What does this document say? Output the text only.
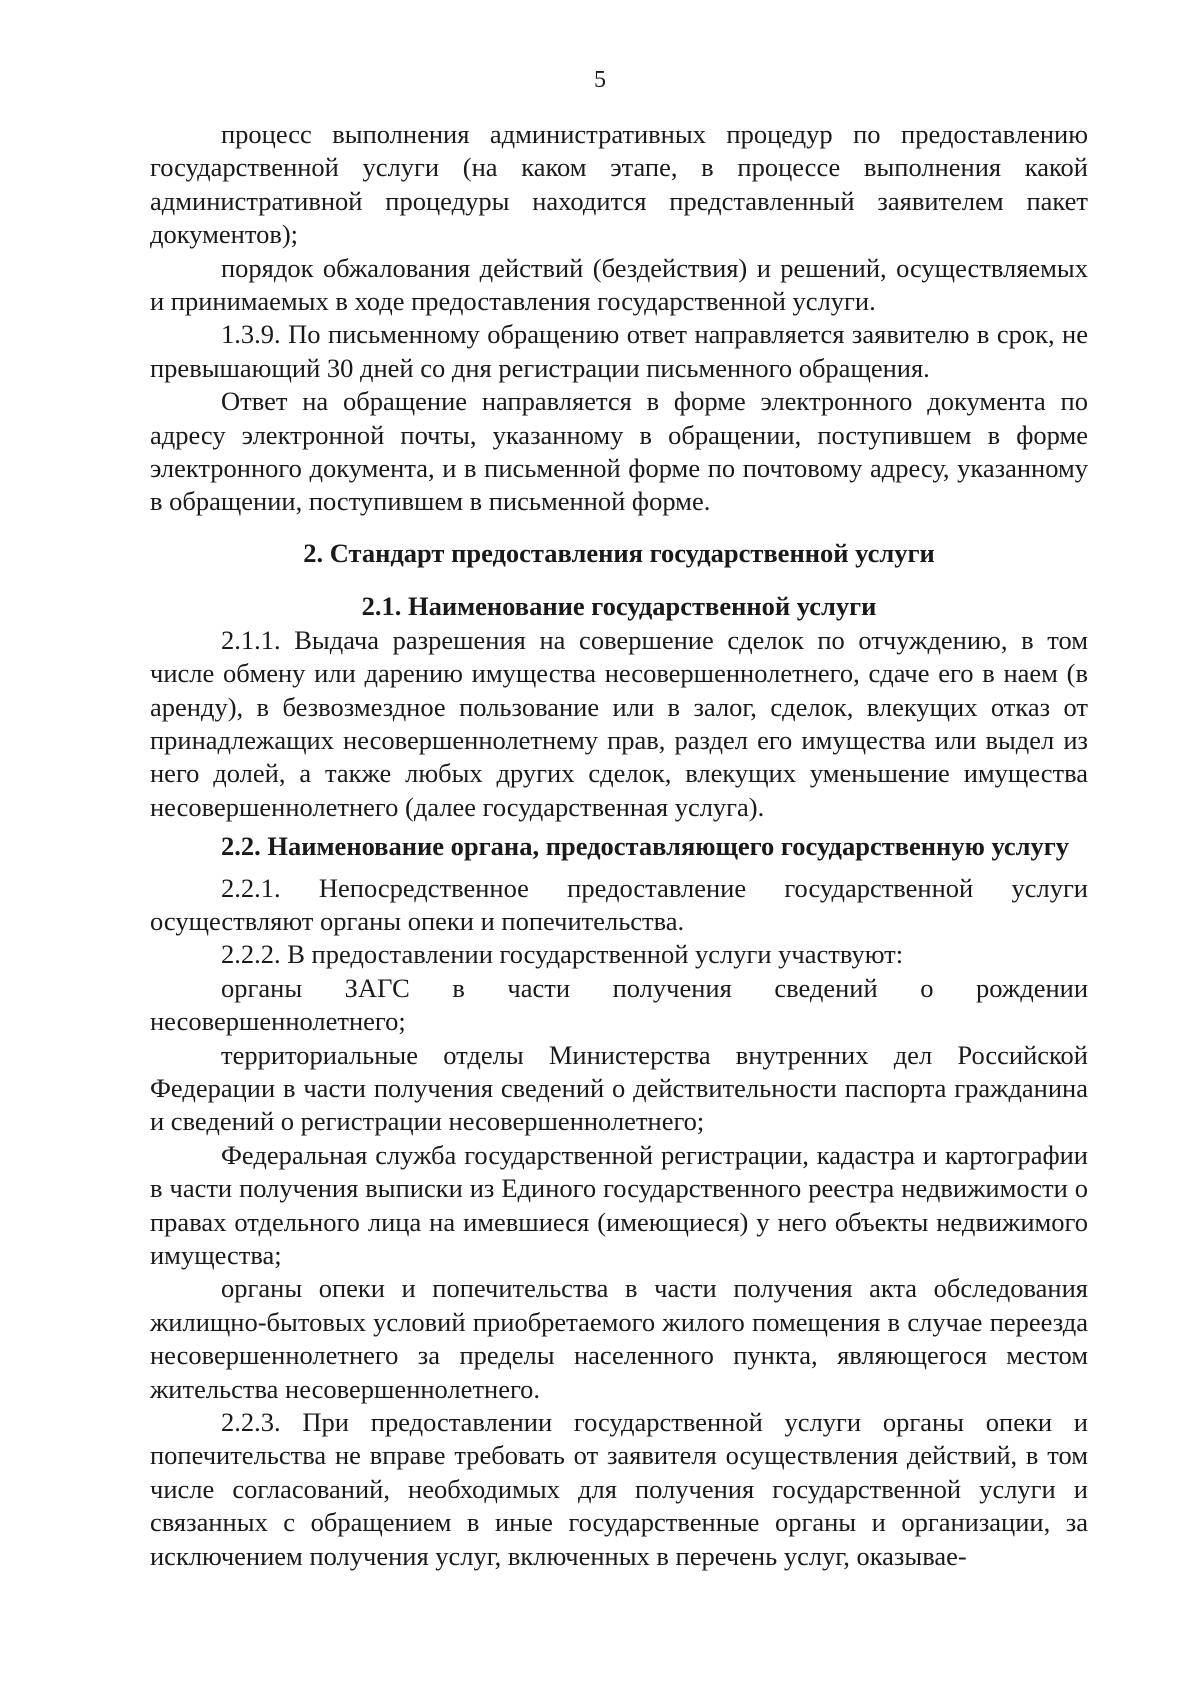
5

процесс выполнения административных процедур по предоставлению государственной услуги (на каком этапе, в процессе выполнения какой административной процедуры находится представленный заявителем пакет документов);

порядок обжалования действий (бездействия) и решений, осуществляемых и принимаемых в ходе предоставления государственной услуги.

1.3.9. По письменному обращению ответ направляется заявителю в срок, не превышающий 30 дней со дня регистрации письменного обращения.

Ответ на обращение направляется в форме электронного документа по адресу электронной почты, указанному в обращении, поступившем в форме электронного документа, и в письменной форме по почтовому адресу, указанному в обращении, поступившем в письменной форме.

2. Стандарт предоставления государственной услуги

2.1. Наименование государственной услуги

2.1.1. Выдача разрешения на совершение сделок по отчуждению, в том числе обмену или дарению имущества несовершеннолетнего, сдаче его в наем (в аренду), в безвозмездное пользование или в залог, сделок, влекущих отказ от принадлежащих несовершеннолетнему прав, раздел его имущества или выдел из него долей, а также любых других сделок, влекущих уменьшение имущества несовершеннолетнего (далее государственная услуга).

2.2. Наименование органа, предоставляющего государственную услугу

2.2.1. Непосредственное предоставление государственной услуги осуществляют органы опеки и попечительства.

2.2.2. В предоставлении государственной услуги участвуют:

органы ЗАГС в части получения сведений о рождении несовершеннолетнего;

территориальные отделы Министерства внутренних дел Российской Федерации в части получения сведений о действительности паспорта гражданина и сведений о регистрации несовершеннолетнего;

Федеральная служба государственной регистрации, кадастра и картографии в части получения выписки из Единого государственного реестра недвижимости о правах отдельного лица на имевшиеся (имеющиеся) у него объекты недвижимого имущества;

органы опеки и попечительства в части получения акта обследования жилищно-бытовых условий приобретаемого жилого помещения в случае переезда несовершеннолетнего за пределы населенного пункта, являющегося местом жительства несовершеннолетнего.

2.2.3. При предоставлении государственной услуги органы опеки и попечительства не вправе требовать от заявителя осуществления действий, в том числе согласований, необходимых для получения государственной услуги и связанных с обращением в иные государственные органы и организации, за исключением получения услуг, включенных в перечень услуг, оказывае-
